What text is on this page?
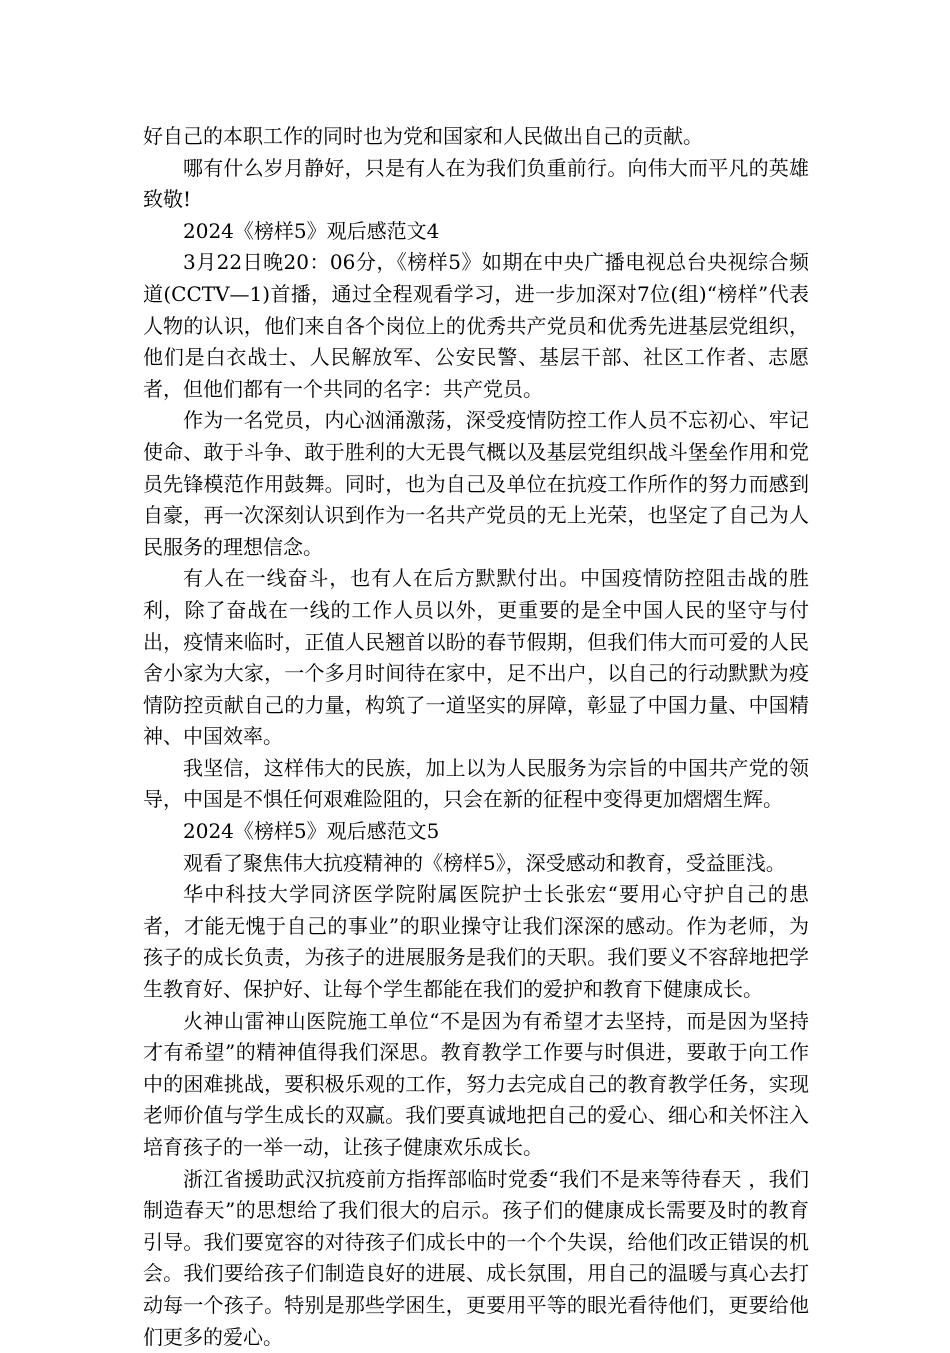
好自己的本职工作的同时也为党和国家和人民做出自己的贡献。

哪有什么岁月静好，只是有人在为我们负重前行。向伟大而平凡的英雄致敬!

2024《榜样5》观后感范文4

3月22日晚20：06分，《榜样5》如期在中央广播电视总台央视综合频道(CCTV—1)首播，通过全程观看学习，进一步加深对7位(组)“榜样”代表人物的认识，他们来自各个岗位上的优秀共产党员和优秀先进基层党组织，他们是白衣战士、人民解放军、公安民警、基层干部、社区工作者、志愿者，但他们都有一个共同的名字：共产党员。

作为一名党员，内心汹涌激荡，深受疫情防控工作人员不忘初心、牢记使命、敢于斗争、敢于胜利的大无畏气概以及基层党组织战斗堡垒作用和党员先锋模范作用鼓舞。同时，也为自己及单位在抗疫工作所作的努力而感到自豪，再一次深刻认识到作为一名共产党员的无上光荣，也坚定了自己为人民服务的理想信念。

有人在一线奋斗，也有人在后方默默付出。中国疫情防控阻击战的胜利，除了奋战在一线的工作人员以外，更重要的是全中国人民的坚守与付出，疫情来临时，正值人民翘首以盼的春节假期，但我们伟大而可爱的人民舍小家为大家，一个多月时间待在家中，足不出户，以自己的行动默默为疫情防控贡献自己的力量，构筑了一道坚实的屏障，彰显了中国力量、中国精神、中国效率。

我坚信，这样伟大的民族，加上以为人民服务为宗旨的中国共产党的领导，中国是不惧任何艰难险阻的，只会在新的征程中变得更加熠熠生辉。

2024《榜样5》观后感范文5

观看了聚焦伟大抗疫精神的《榜样5》，深受感动和教育，受益匪浅。

华中科技大学同济医学院附属医院护士长张宏“要用心守护自己的患者，才能无愧于自己的事业”的职业操守让我们深深的感动。作为老师，为孩子的成长负责，为孩子的进展服务是我们的天职。我们要义不容辞地把学生教育好、保护好、让每个学生都能在我们的爱护和教育下健康成长。

火神山雷神山医院施工单位“不是因为有希望才去坚持，而是因为坚持才有希望”的精神值得我们深思。教育教学工作要与时俱进，要敢于向工作中的困难挑战，要积极乐观的工作，努力去完成自己的教育教学任务，实现老师价值与学生成长的双赢。我们要真诚地把自己的爱心、细心和关怀注入培育孩子的一举一动，让孩子健康欢乐成长。

浙江省援助武汉抗疫前方指挥部临时党委“我们不是来等待春天 ，我们制造春天”的思想给了我们很大的启示。孩子们的健康成长需要及时的教育引导。我们要宽容的对待孩子们成长中的一个个失误，给他们改正错误的机会。我们要给孩子们制造良好的进展、成长氛围，用自己的温暖与真心去打动每一个孩子。特别是那些学困生，更要用平等的眼光看待他们，更要给他们更多的爱心。
